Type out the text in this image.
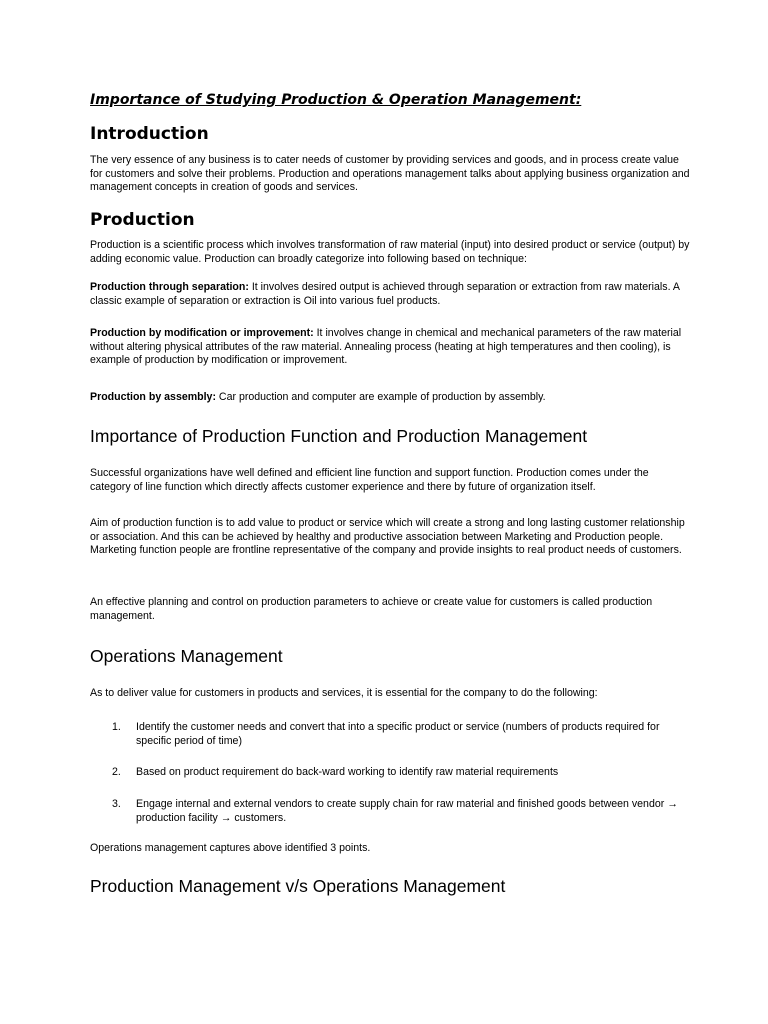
Importance of Studying Production & Operation Management:
Introduction

The very essence of any business is to cater needs of customer by providing services and goods, and in process create value for customers and solve their problems. Production and operations management talks about applying business organization and management concepts in creation of goods and services.

Production

Production is a scientific process which involves transformation of raw material (input) into desired product or service (output) by adding economic value. Production can broadly categorize into following based on technique:

Production through separation: It involves desired output is achieved through separation or extraction from raw materials. A classic example of separation or extraction is Oil into various fuel products.

Production by modification or improvement: It involves change in chemical and mechanical parameters of the raw material without altering physical attributes of the raw material. Annealing process (heating at high temperatures and then cooling), is example of production by modification or improvement.

Production by assembly: Car production and computer are example of production by assembly.

Importance of Production Function and Production Management

Successful organizations have well defined and efficient line function and support function. Production comes under the category of line function which directly affects customer experience and there by future of organization itself.

Aim of production function is to add value to product or service which will create a strong and long lasting customer relationship or association. And this can be achieved by healthy and productive association between Marketing and Production people. Marketing function people are frontline representative of the company and provide insights to real product needs of customers.

An effective planning and control on production parameters to achieve or create value for customers is called production management.

Operations Management

As to deliver value for customers in products and services, it is essential for the company to do the following:

1. Identify the customer needs and convert that into a specific product or service (numbers of products required for specific period of time)
2. Based on product requirement do back-ward working to identify raw material requirements
3. Engage internal and external vendors to create supply chain for raw material and finished goods between vendor → production facility → customers.

Operations management captures above identified 3 points.

Production Management v/s Operations Management
